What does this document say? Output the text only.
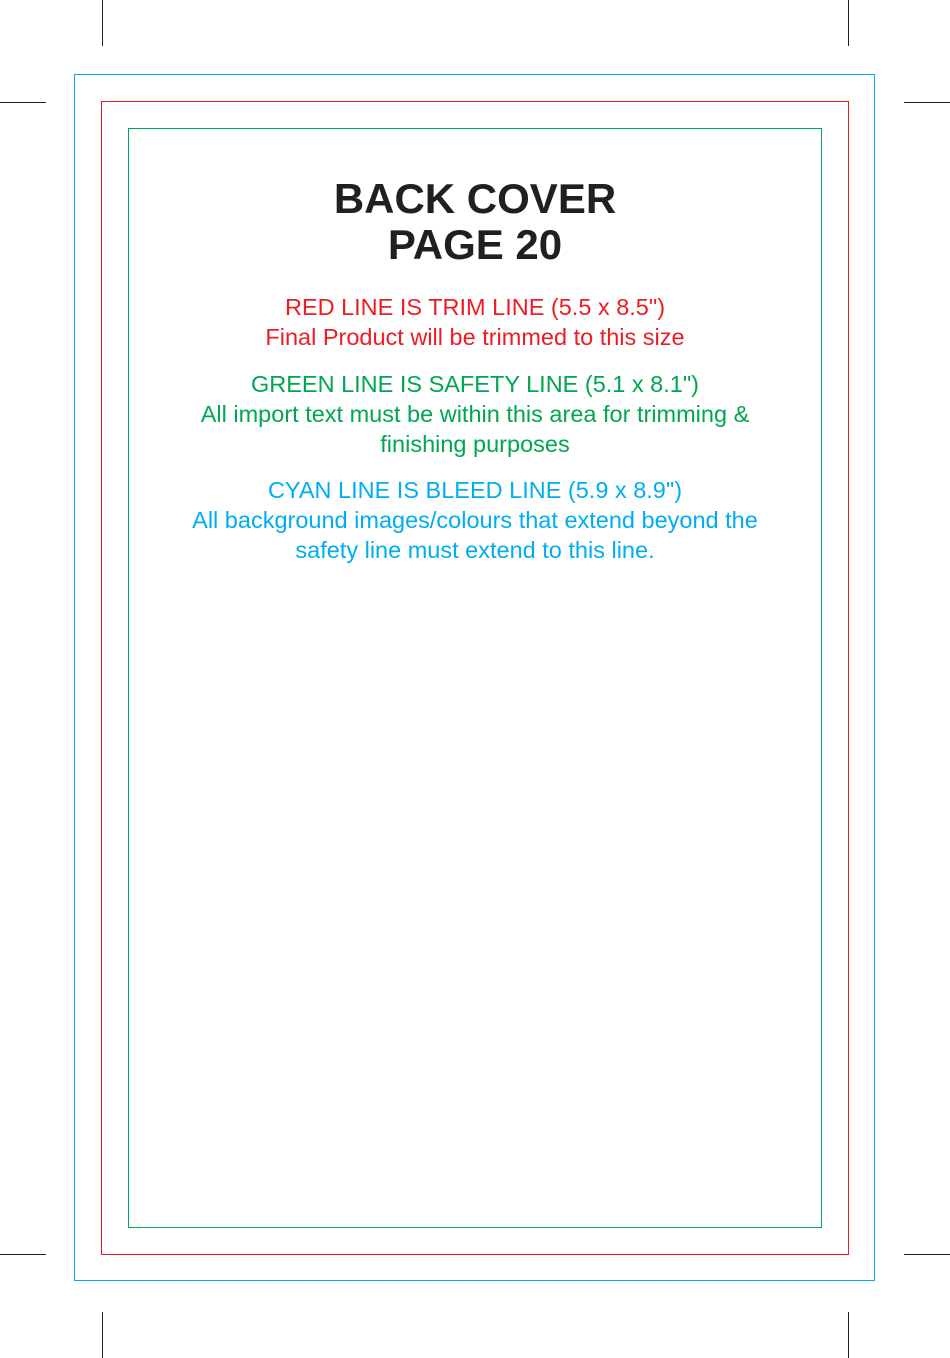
BACK COVER
PAGE 20

RED LINE IS TRIM LINE (5.5 x 8.5")
Final Product will be trimmed to this size

GREEN LINE IS SAFETY LINE (5.1 x 8.1")
All import text must be within this area for trimming &
finishing purposes

CYAN LINE IS BLEED LINE (5.9 x 8.9")
All background images/colours that extend beyond the
safety line must extend to this line.
